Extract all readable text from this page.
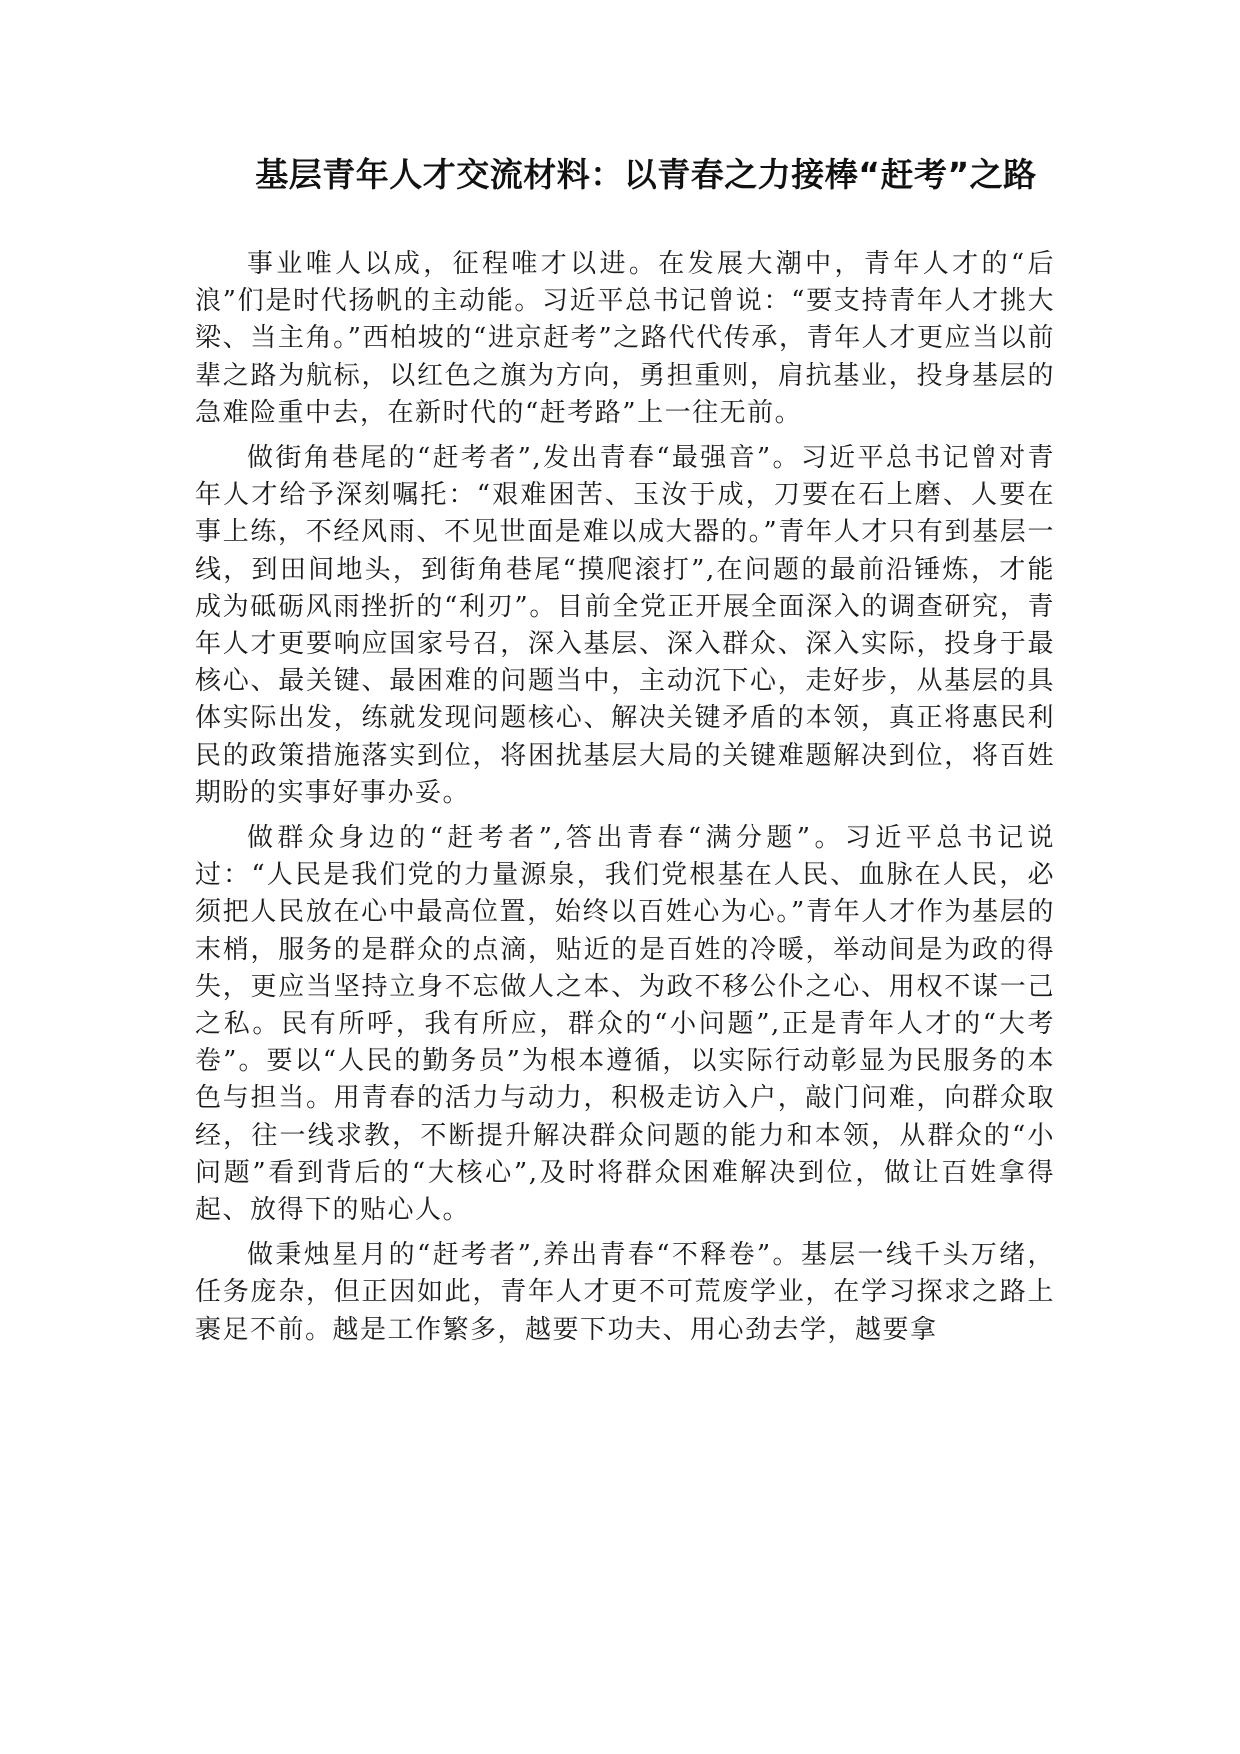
基层青年人才交流材料：以青春之力接棒“赶考”之路

事业唯人以成，征程唯才以进。在发展大潮中，青年人才的“后浪”们是时代扬帆的主动能。习近平总书记曾说：“要支持青年人才挑大梁、当主角。”西柏坡的“进京赶考”之路代代传承，青年人才更应当以前辈之路为航标，以红色之旗为方向，勇担重则，肩抗基业，投身基层的急难险重中去，在新时代的“赶考路”上一往无前。

做街角巷尾的“赶考者”,发出青春“最强音”。习近平总书记曾对青年人才给予深刻嘱托：“艰难困苦、玉汝于成，刀要在石上磨、人要在事上练，不经风雨、不见世面是难以成大器的。”青年人才只有到基层一线，到田间地头，到街角巷尾“摸爬滚打”,在问题的最前沿锤炼，才能成为砥砺风雨挫折的“利刃”。目前全党正开展全面深入的调查研究，青年人才更要响应国家号召，深入基层、深入群众、深入实际，投身于最核心、最关键、最困难的问题当中，主动沉下心，走好步，从基层的具体实际出发，练就发现问题核心、解决关键矛盾的本领，真正将惠民利民的政策措施落实到位，将困扰基层大局的关键难题解决到位，将百姓期盼的实事好事办妥。

做群众身边的“赶考者”,答出青春“满分题”。习近平总书记说过：“人民是我们党的力量源泉，我们党根基在人民、血脉在人民，必须把人民放在心中最高位置，始终以百姓心为心。”青年人才作为基层的末梢，服务的是群众的点滴，贴近的是百姓的冷暖，举动间是为政的得失，更应当坚持立身不忘做人之本、为政不移公仆之心、用权不谋一己之私。民有所呼，我有所应，群众的“小问题”,正是青年人才的“大考卷”。要以“人民的勤务员”为根本遵循，以实际行动彰显为民服务的本色与担当。用青春的活力与动力，积极走访入户，敲门问难，向群众取经，往一线求教，不断提升解决群众问题的能力和本领，从群众的“小问题”看到背后的“大核心”,及时将群众困难解决到位，做让百姓拿得起、放得下的贴心人。

做秉烛星月的“赶考者”,养出青春“不释卷”。基层一线千头万绪，任务庞杂，但正因如此，青年人才更不可荒废学业，在学习探求之路上裹足不前。越是工作繁多，越要下功夫、用心劲去学，越要拿
